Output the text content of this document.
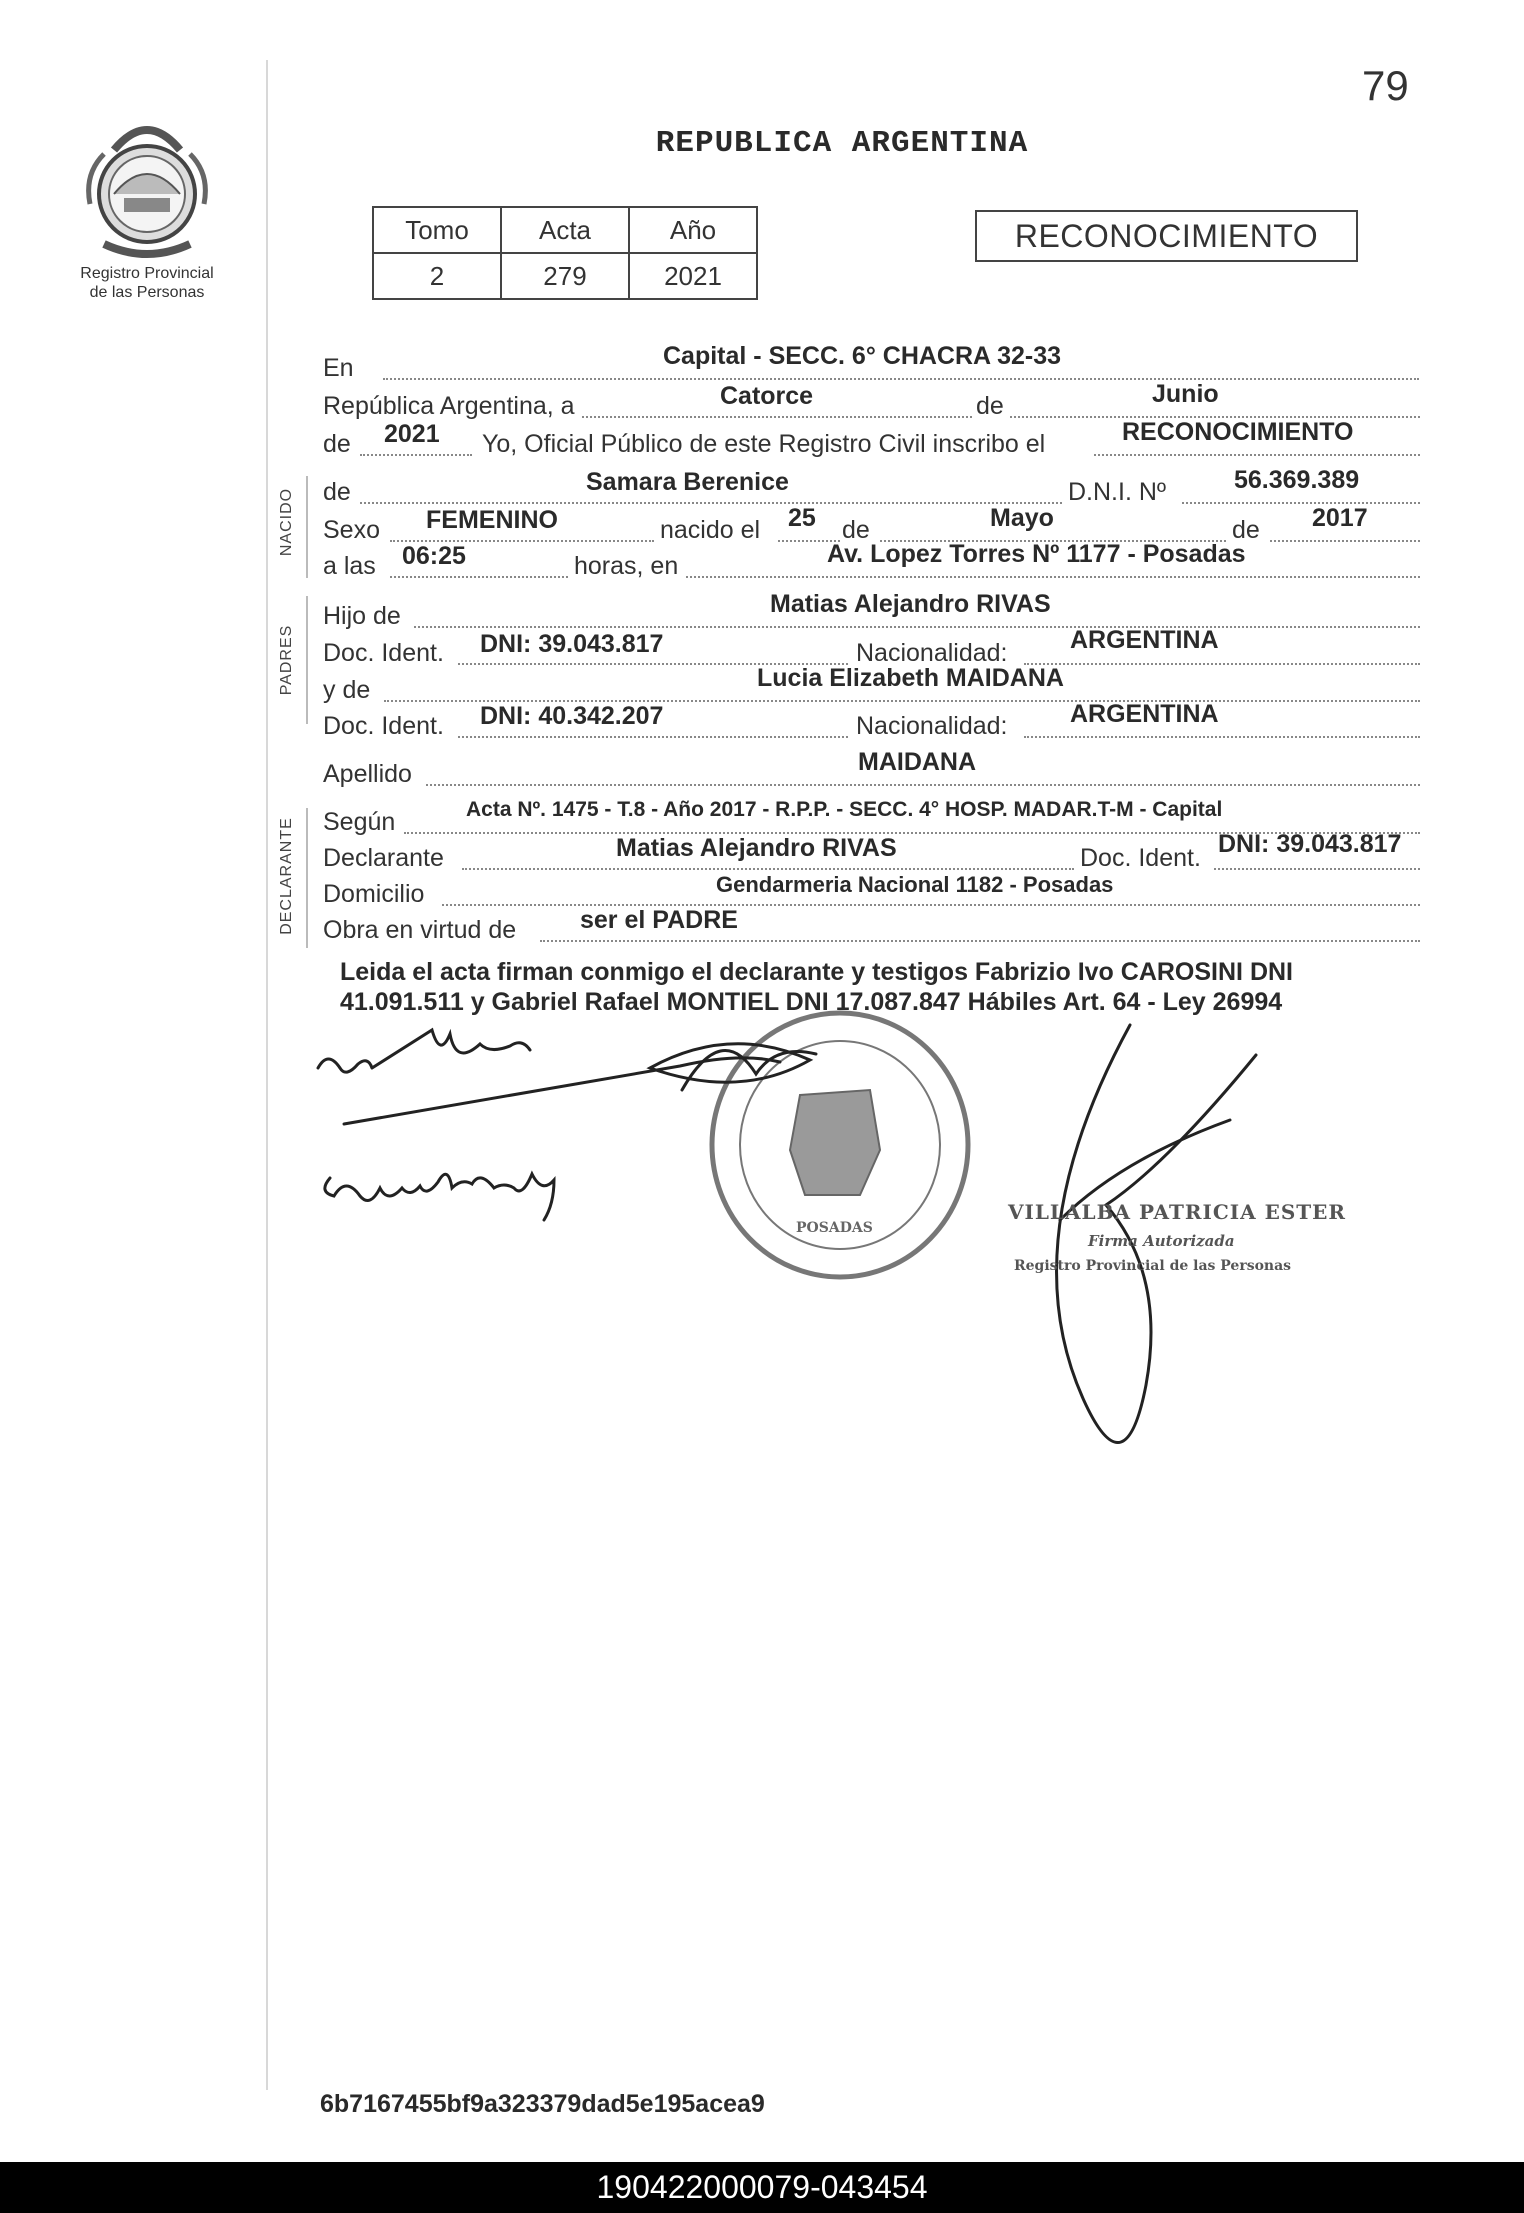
79
Registro Provincial
de las Personas
REPUBLICA ARGENTINA
Tomo	Acta	Año
2	279	2021
RECONOCIMIENTO
En	Capital - SECC. 6° CHACRA 32-33
República Argentina, a	Catorce	de	Junio
de 2021 Yo, Oficial Público de este Registro Civil inscribo el	RECONOCIMIENTO
NACIDO de	Samara Berenice	D.N.I. Nº	56.369.389
Sexo FEMENINO	nacido el 25 de	Mayo	de 2017
a las 06:25	horas, en	Av. Lopez Torres Nº 1177 - Posadas
PADRES
Hijo de	Matias Alejandro RIVAS
Doc. Ident. DNI: 39.043.817	Nacionalidad:	ARGENTINA
y de	Lucia Elizabeth MAIDANA
Doc. Ident. DNI: 40.342.207	Nacionalidad:	ARGENTINA
Apellido	MAIDANA
DECLARANTE Según	Acta Nº. 1475 - T.8 - Año 2017 - R.P.P. - SECC. 4° HOSP. MADAR.T-M - Capital
Declarante	Matias Alejandro RIVAS	Doc. Ident. DNI: 39.043.817
Domicilio	Gendarmeria Nacional 1182 - Posadas
Obra en virtud de	ser el PADRE
Leida el acta firman conmigo el declarante y testigos Fabrizio Ivo CAROSINI DNI
41.091.511 y Gabriel Rafael MONTIEL DNI 17.087.847 Hábiles Art. 64 - Ley 26994
VILLALBA PATRICIA ESTER
Firma Autorizada
Registro Provincial de las Personas
POSADAS
6b7167455bf9a323379dad5e195acea9
190422000079-043454
